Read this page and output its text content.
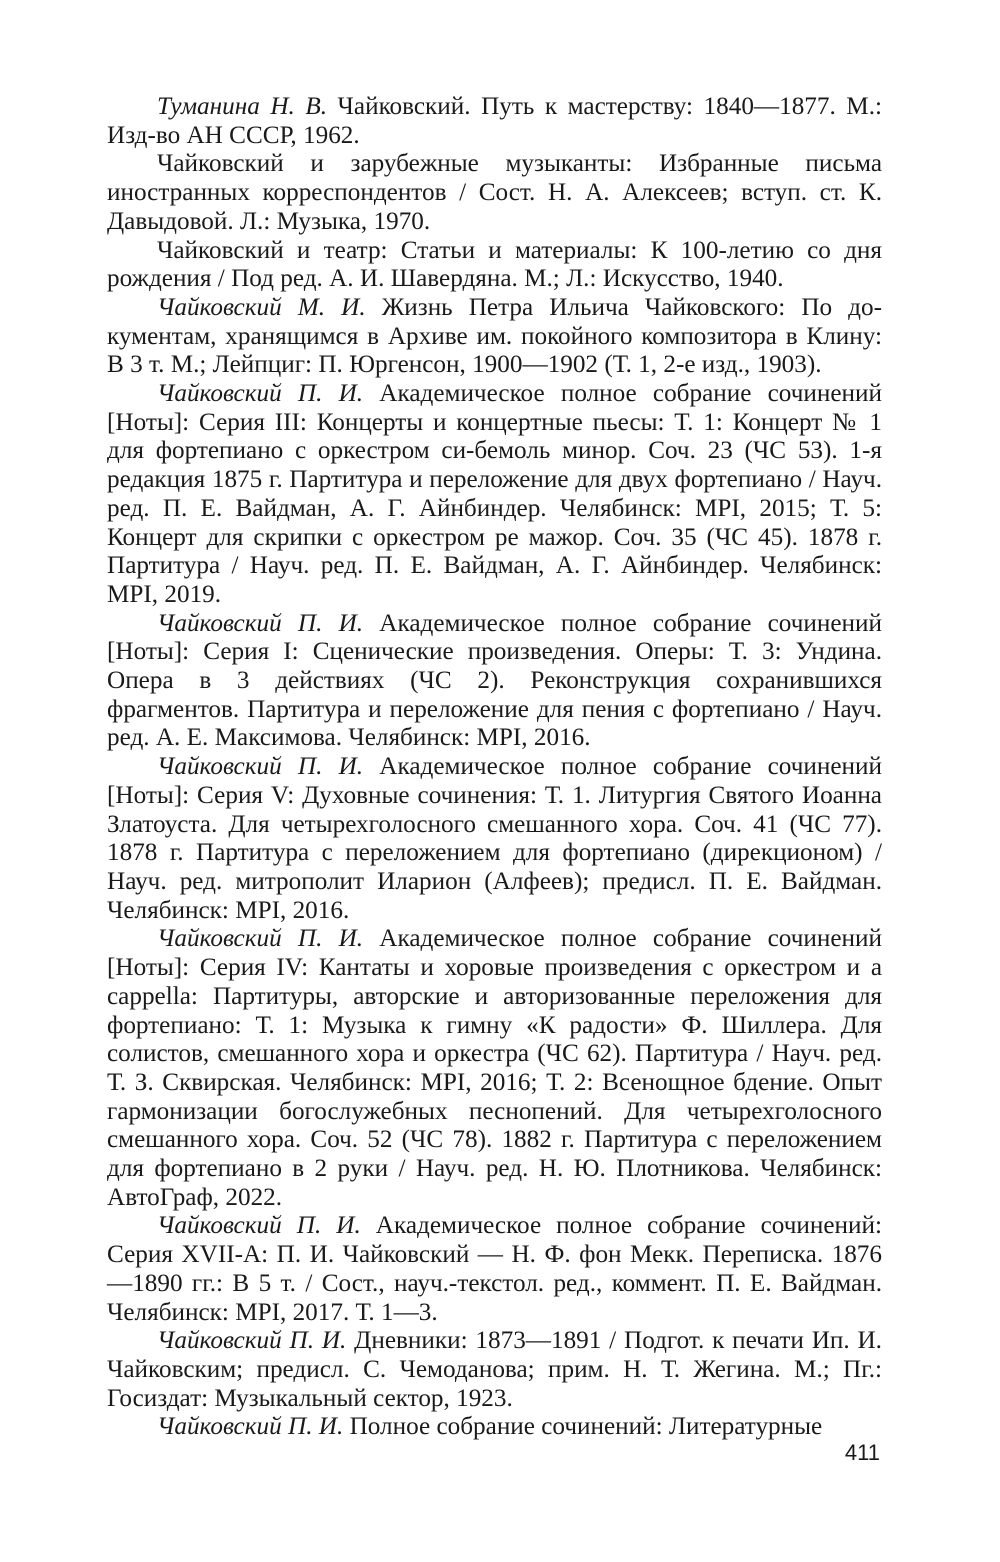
Туманина Н. В. Чайковский. Путь к мастерству: 1840—1877. М.: Изд-во АН СССР, 1962.

Чайковский и зарубежные музыканты: Избранные письма иностранных корреспондентов / Сост. Н. А. Алексеев; вступ. ст. К. Давыдовой. Л.: Музыка, 1970.

Чайковский и театр: Статьи и материалы: К 100-летию со дня рождения / Под ред. А. И. Шавердяна. М.; Л.: Искусство, 1940.

Чайковский М. И. Жизнь Петра Ильича Чайковского: По документам, хранящимся в Архиве им. покойного композитора в Клину: В 3 т. М.; Лейпциг: П. Юргенсон, 1900—1902 (Т. 1, 2-е изд., 1903).

Чайковский П. И. Академическое полное собрание сочинений [Ноты]: Серия III: Концерты и концертные пьесы: Т. 1: Концерт № 1 для фортепиано с оркестром си-бемоль минор. Соч. 23 (ЧС 53). 1-я редакция 1875 г. Партитура и переложение для двух фортепиано / Науч. ред. П. Е. Вайдман, А. Г. Айнбиндер. Челябинск: MPI, 2015; Т. 5: Концерт для скрипки с оркестром ре мажор. Соч. 35 (ЧС 45). 1878 г. Партитура / Науч. ред. П. Е. Вайдман, А. Г. Айнбиндер. Челябинск: MPI, 2019.

Чайковский П. И. Академическое полное собрание сочинений [Ноты]: Серия I: Сценические произведения. Оперы: Т. 3: Ундина. Опера в 3 действиях (ЧС 2). Реконструкция сохранившихся фрагментов. Партитура и переложение для пения с фортепиано / Науч. ред. А. Е. Максимова. Челябинск: MPI, 2016.

Чайковский П. И. Академическое полное собрание сочинений [Ноты]: Серия V: Духовные сочинения: Т. 1. Литургия Святого Иоанна Златоуста. Для четырехголосного смешанного хора. Соч. 41 (ЧС 77). 1878 г. Партитура с переложением для фортепиано (дирекционом) / Науч. ред. митрополит Иларион (Алфеев); предисл. П. Е. Вайдман. Челябинск: MPI, 2016.

Чайковский П. И. Академическое полное собрание сочинений [Ноты]: Серия IV: Кантаты и хоровые произведения с оркестром и a cappella: Партитуры, авторские и авторизованные переложения для фортепиано: Т. 1: Музыка к гимну «К радости» Ф. Шиллера. Для солистов, смешанного хора и оркестра (ЧС 62). Партитура / Науч. ред. Т. З. Сквирская. Челябинск: MPI, 2016; Т. 2: Всенощное бдение. Опыт гармонизации богослужебных песнопений. Для четырехголосного смешанного хора. Соч. 52 (ЧС 78). 1882 г. Партитура с переложением для фортепиано в 2 руки / Науч. ред. Н. Ю. Плотникова. Челябинск: АвтоГраф, 2022.

Чайковский П. И. Академическое полное собрание сочинений: Серия XVII-А: П. И. Чайковский — Н. Ф. фон Мекк. Переписка. 1876—1890 гг.: В 5 т. / Сост., науч.-текстол. ред., коммент. П. Е. Вайдман. Челябинск: MPI, 2017. Т. 1—3.

Чайковский П. И. Дневники: 1873—1891 / Подгот. к печати Ип. И. Чайковским; предисл. С. Чемоданова; прим. Н. Т. Жегина. М.; Пг.: Госиздат: Музыкальный сектор, 1923.

Чайковский П. И. Полное собрание сочинений: Литературные

411
